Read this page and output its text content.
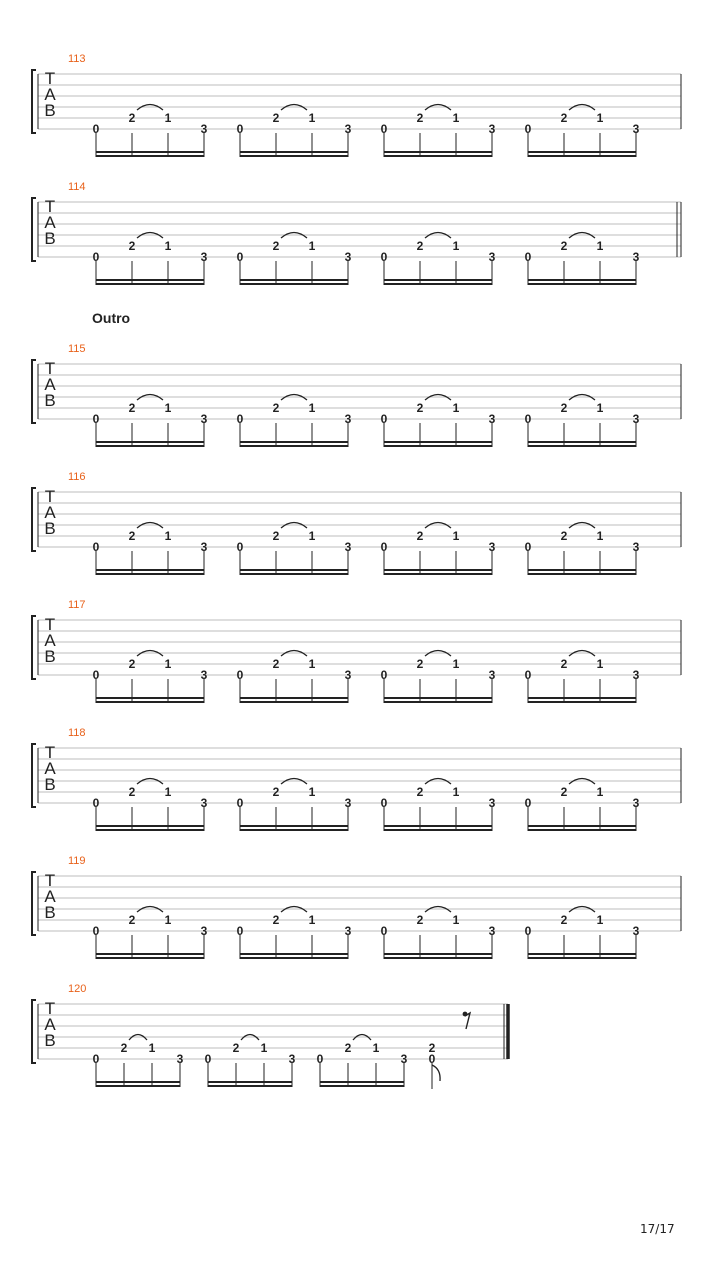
T
A
B
113
0
2 1
3 0
2 1
3 0
2 1
3 0
2 1
3
T
A
B
114
0
2 1
3 0
2 1
3 0
2 1
3 0
2 1
3
T
A
B
115
0
2 1
3 0
2 1
3 0
2 1
3 0
2 1
3
T
A
B
116
0
2 1
3 0
2 1
3 0
2 1
3 0
2 1
3
T
A
B
117
0
2 1
3 0
2 1
3 0
2 1
3 0
2 1
3
T
A
B
118
0
2 1
3 0
2 1
3 0
2 1
3 0
2 1
3
T
A
B
119
0
2 1
3 0
2 1
3 0
2 1
3 0
2 1
3
T
A
B
120
0
2 1
3 0
2 1
3 0
2 1
3
2
0
Outro
17/17
